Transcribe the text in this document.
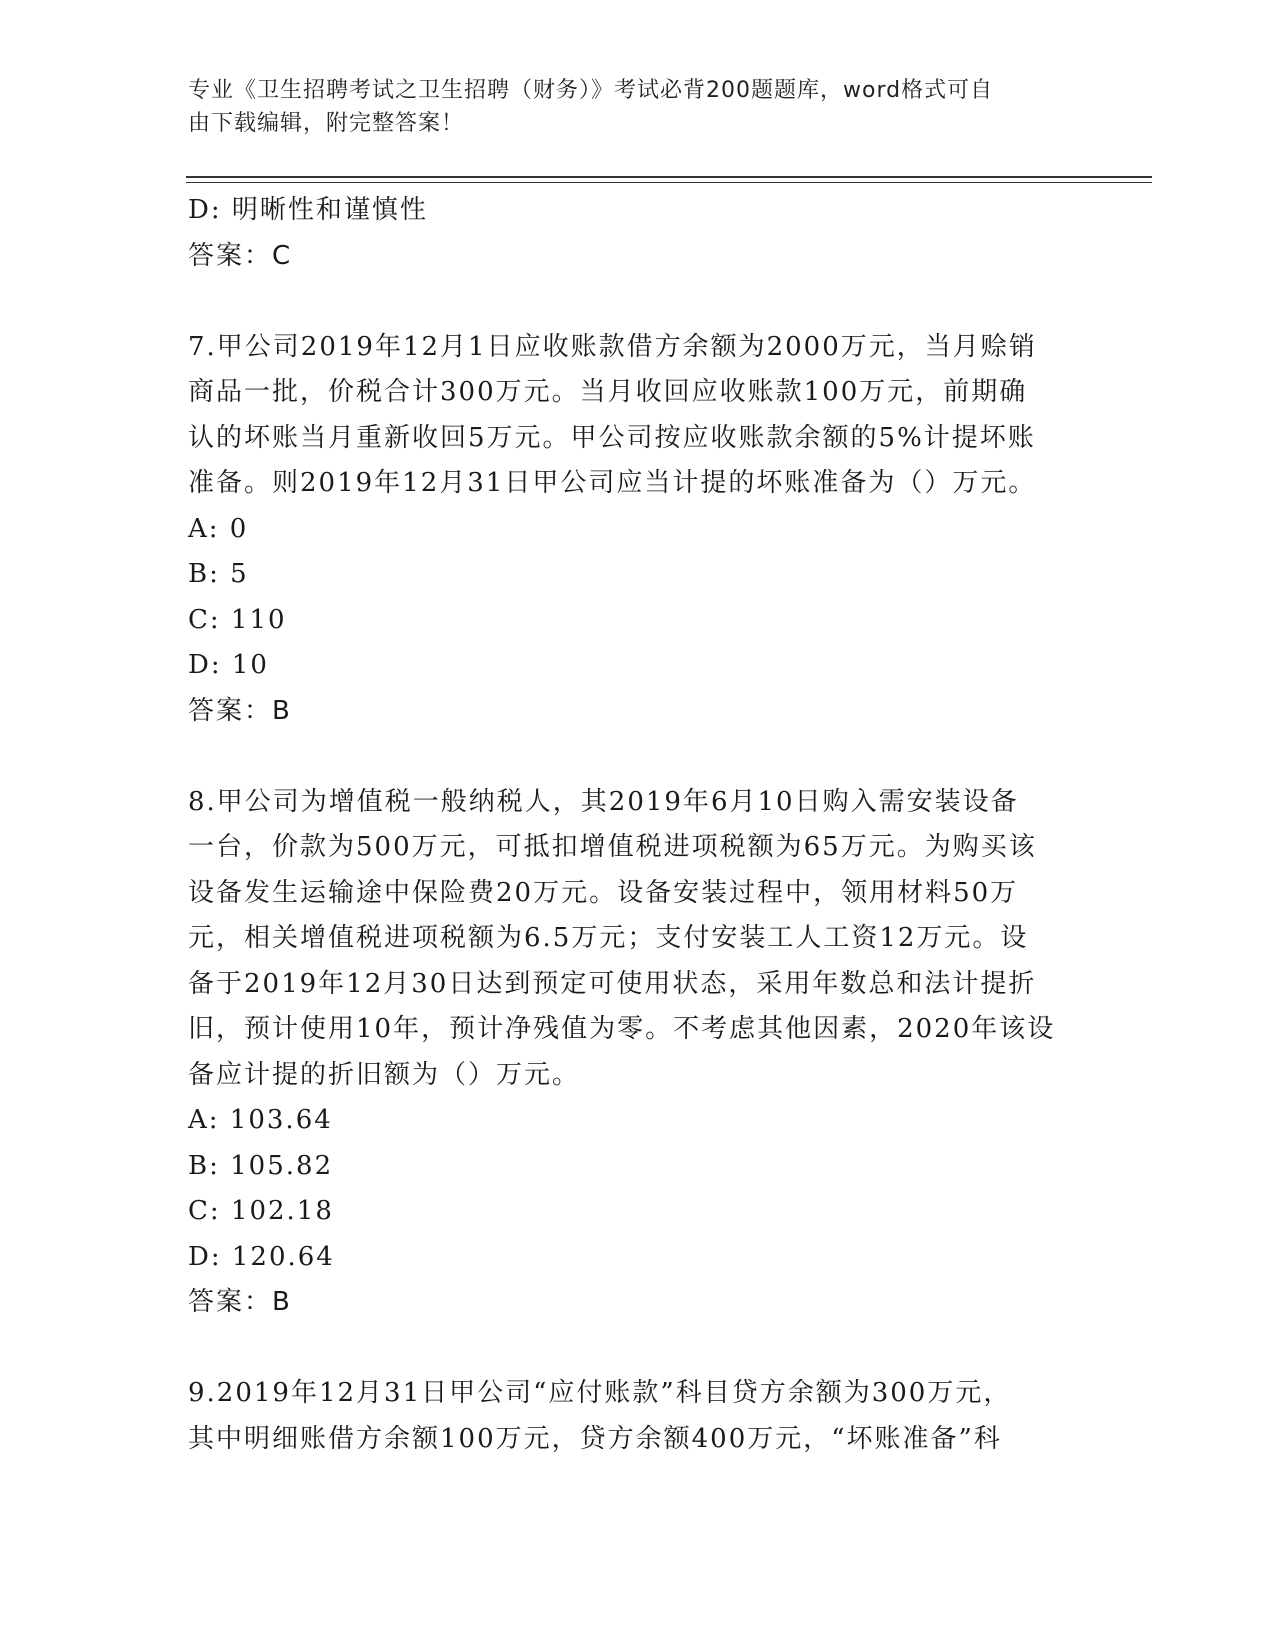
专业《卫生招聘考试之卫生招聘（财务）》考试必背200题题库，word格式可自
由下载编辑，附完整答案！
D: 明晰性和谨慎性
答案：C
7.甲公司2019年12月1日应收账款借方余额为2000万元，当月赊销
商品一批，价税合计300万元。当月收回应收账款100万元，前期确
认的坏账当月重新收回5万元。甲公司按应收账款余额的5%计提坏账
准备。则2019年12月31日甲公司应当计提的坏账准备为（）万元。
A: 0
B: 5
C: 110
D: 10
答案：B
8.甲公司为增值税一般纳税人，其2019年6月10日购入需安装设备
一台，价款为500万元，可抵扣增值税进项税额为65万元。为购买该
设备发生运输途中保险费20万元。设备安装过程中，领用材料50万
元，相关增值税进项税额为6.5万元；支付安装工人工资12万元。设
备于2019年12月30日达到预定可使用状态，采用年数总和法计提折
旧，预计使用10年，预计净残值为零。不考虑其他因素，2020年该设
备应计提的折旧额为（）万元。
A: 103.64
B: 105.82
C: 102.18
D: 120.64
答案：B
9.2019年12月31日甲公司“应付账款”科目贷方余额为300万元，
其中明细账借方余额100万元，贷方余额400万元，“坏账准备”科
